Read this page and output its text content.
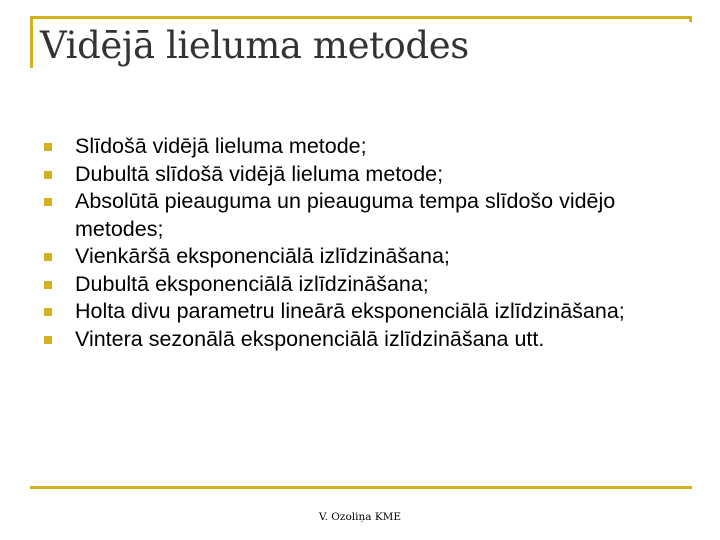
Vidējā lieluma metodes
Slīdošā vidējā lieluma metode;
Dubultā slīdošā vidējā lieluma metode;
Absolūtā pieauguma un pieauguma tempa slīdošo vidējo metodes;
Vienkāršā eksponenciālā izlīdzināšana;
Dubultā eksponenciālā izlīdzināšana;
Holta divu parametru lineārā eksponenciālā izlīdzināšana;
Vintera sezonālā eksponenciālā izlīdzināšana utt.
V. Ozoliņa KME
